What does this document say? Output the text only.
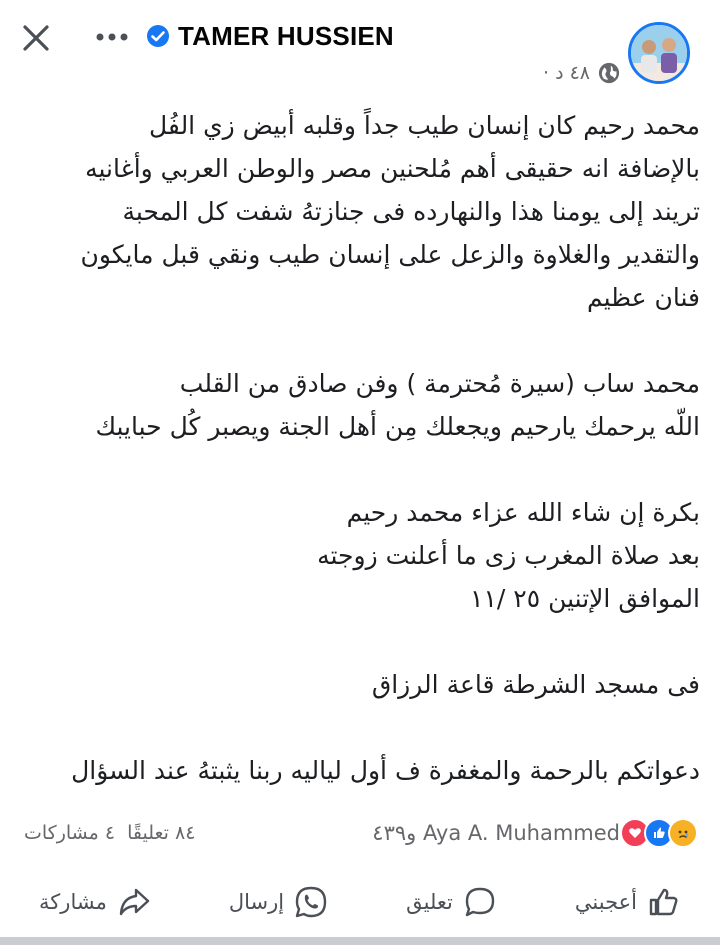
TAMER HUSSIEN
٤٨ د
·

محمد رحيم كان إنسان طيب جداً وقلبه أبيض زي الفُل

بالإضافة انه حقيقى أهم مُلحنين مصر والوطن العربي وأغانيه

تريند إلى يومنا هذا والنهارده فى جنازتهُ شفت كل المحبة

والتقدير والغلاوة والزعل على إنسان طيب ونقي قبل مايكون

فنان عظيم

محمد ساب (سيرة مُحترمة ) وفن صادق من القلب

اللّه يرحمك يارحيم ويجعلك مِن أهل الجنة ويصبر كُل حبايبك

بكرة إن شاء الله عزاء محمد رحيم

بعد صلاة المغرب زى ما أعلنت زوجته

الموافق الإتنين ٢٥ /١١

فى مسجد الشرطة قاعة الرزاق

دعواتكم بالرحمة والمغفرة ف أول لياليه ربنا يثبتهُ عند السؤال

Aya A. Muhammed و٤٣٩
٨٤ تعليقًا
٤ مشاركات
أعجبني
تعليق
إرسال
مشاركة
